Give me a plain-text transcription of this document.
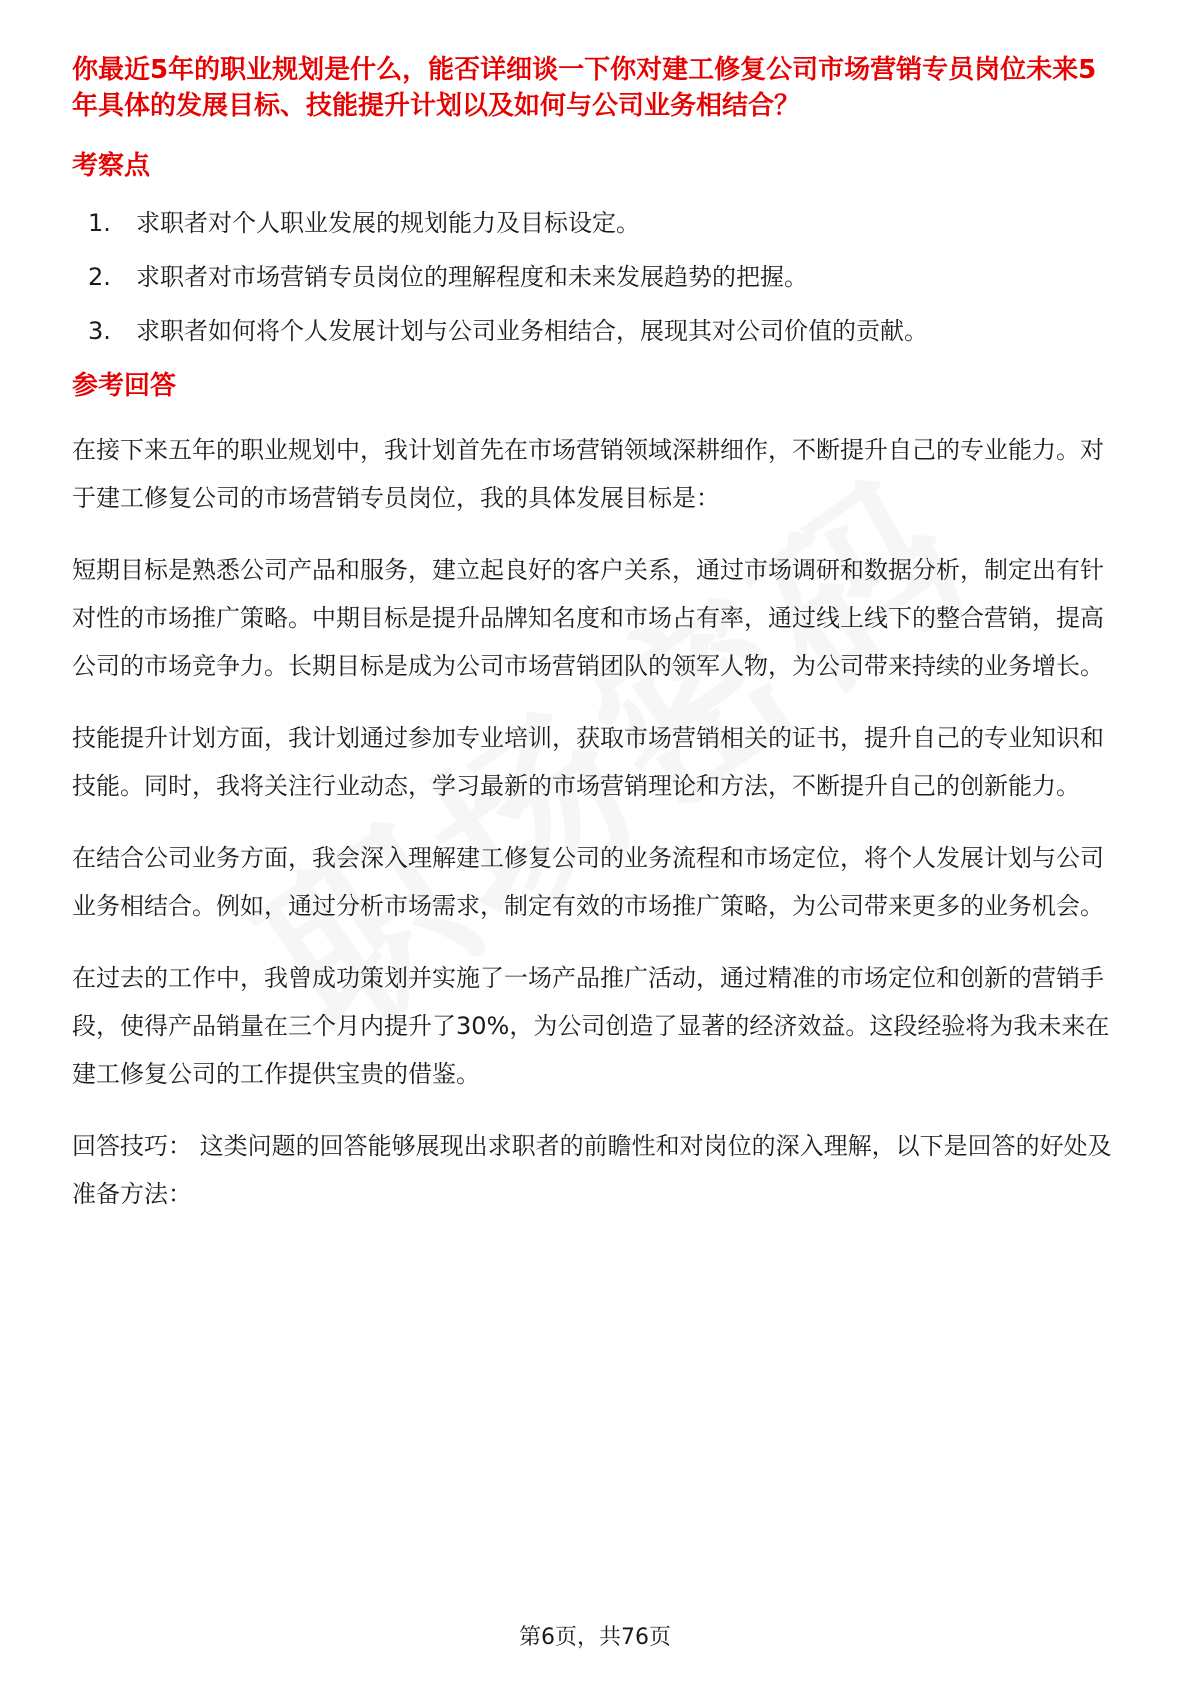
你最近5年的职业规划是什么，能否详细谈一下你对建工修复公司市场营销专员岗位未来5年具体的发展目标、技能提升计划以及如何与公司业务相结合？
考察点
1.	求职者对个人职业发展的规划能力及目标设定。
2.	求职者对市场营销专员岗位的理解程度和未来发展趋势的把握。
3.	求职者如何将个人发展计划与公司业务相结合，展现其对公司价值的贡献。
参考回答

在接下来五年的职业规划中，我计划首先在市场营销领域深耕细作，不断提升自己的专业能力。对于建工修复公司的市场营销专员岗位，我的具体发展目标是：

短期目标是熟悉公司产品和服务，建立起良好的客户关系，通过市场调研和数据分析，制定出有针对性的市场推广策略。中期目标是提升品牌知名度和市场占有率，通过线上线下的整合营销，提高公司的市场竞争力。长期目标是成为公司市场营销团队的领军人物，为公司带来持续的业务增长。

技能提升计划方面，我计划通过参加专业培训，获取市场营销相关的证书，提升自己的专业知识和技能。同时，我将关注行业动态，学习最新的市场营销理论和方法，不断提升自己的创新能力。

在结合公司业务方面，我会深入理解建工修复公司的业务流程和市场定位，将个人发展计划与公司业务相结合。例如，通过分析市场需求，制定有效的市场推广策略，为公司带来更多的业务机会。

在过去的工作中，我曾成功策划并实施了一场产品推广活动，通过精准的市场定位和创新的营销手段，使得产品销量在三个月内提升了30%，为公司创造了显著的经济效益。这段经验将为我未来在建工修复公司的工作提供宝贵的借鉴。

回答技巧： 这类问题的回答能够展现出求职者的前瞻性和对岗位的深入理解，以下是回答的好处及准备方法：

第6页，共76页
